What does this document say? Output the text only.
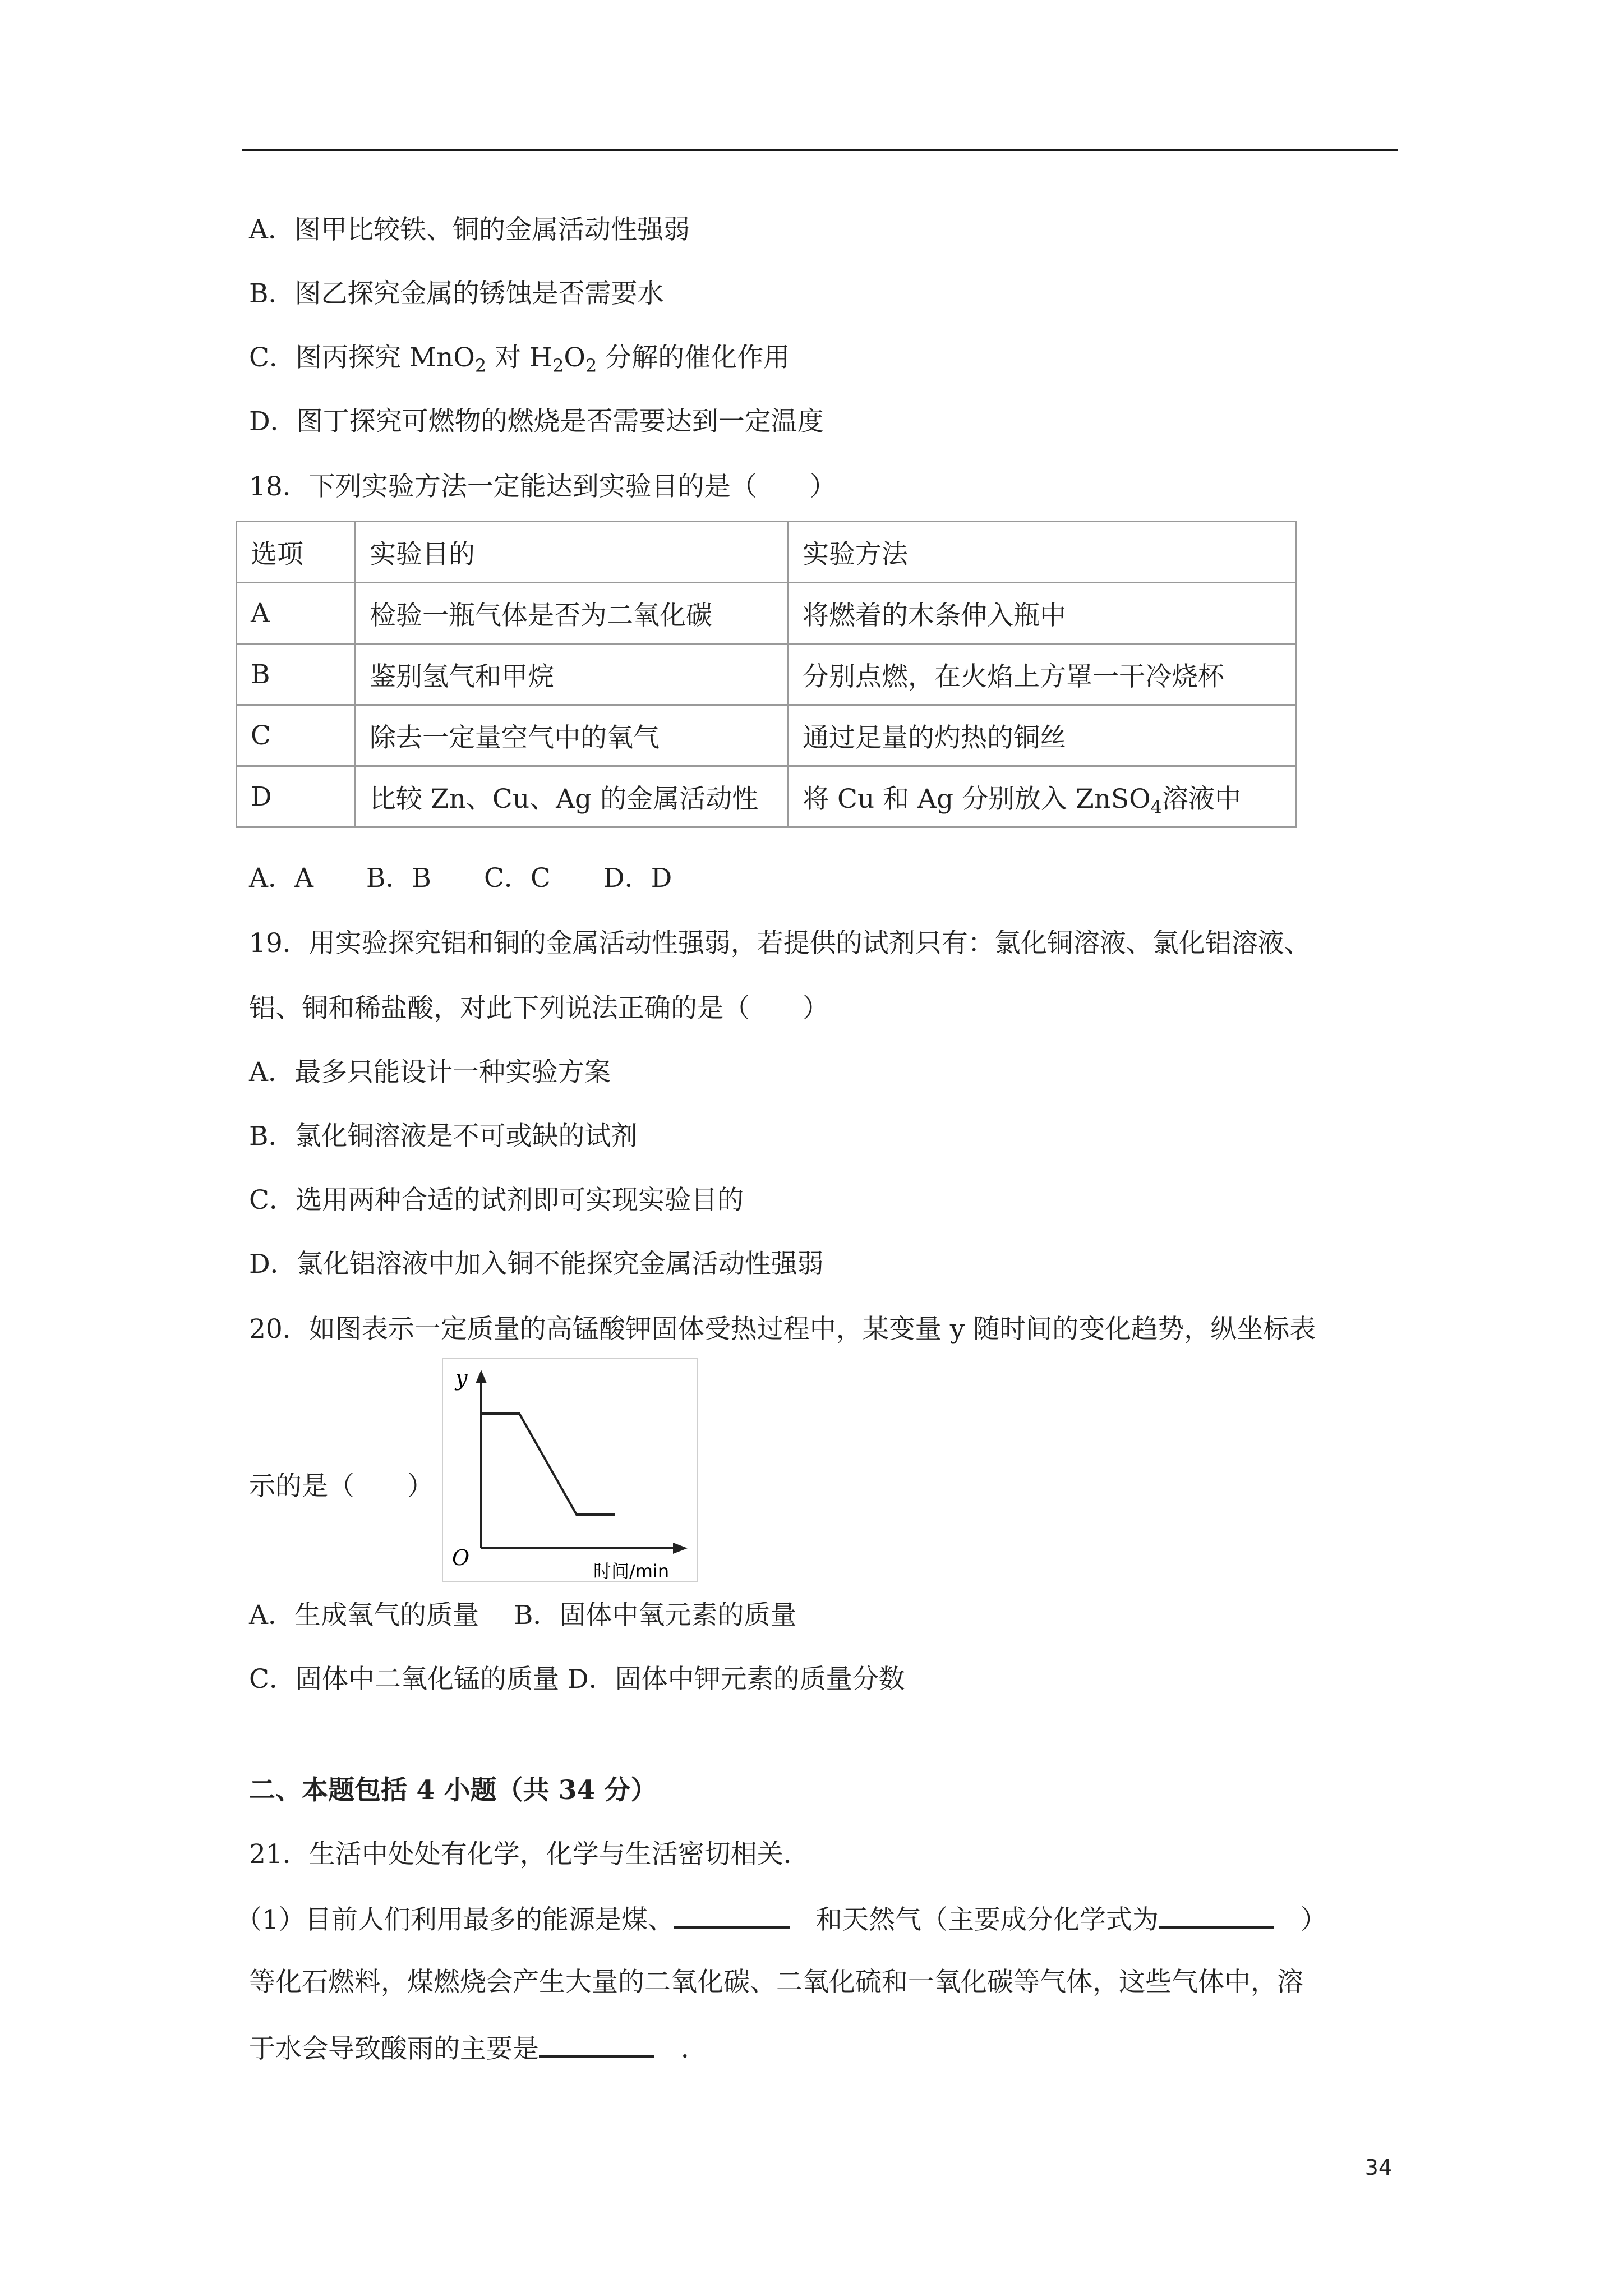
A．图甲比较铁、铜的金属活动性强弱
B．图乙探究金属的锈蚀是否需要水
C．图丙探究 MnO$_2$ 对 $H_2O_2$ 分解的催化作用
D．图丁探究可燃物的燃烧是否需要达到一定温度
18．下列实验方法一定能达到实验目的是（　　）
选项	实验目的	实验方法
A	检验一瓶气体是否为二氧化碳	将燃着的木条伸入瓶中
B	鉴别氢气和甲烷	分别点燃，在火焰上方罩一干冷烧杯
C	除去一定量空气中的氧气	通过足量的灼热的铜丝
D	比较 Zn、Cu、Ag 的金属活动性	将 Cu 和 Ag 分别放入 ZnSO$_4$溶液中
A．A　　B．B　　C．C　　D．D
19．用实验探究铝和铜的金属活动性强弱，若提供的试剂只有：氯化铜溶液、氯化铝溶液、
铝、铜和稀盐酸，对此下列说法正确的是（　　）
A．最多只能设计一种实验方案
B．氯化铜溶液是不可或缺的试剂
C．选用两种合适的试剂即可实现实验目的
D．氯化铝溶液中加入铜不能探究金属活动性强弱
20．如图表示一定质量的高锰酸钾固体受热过程中，某变量 y 随时间的变化趋势，纵坐标表
示的是（　　）
y
O
时间/min
A．生成氧气的质量　 B．固体中氧元素的质量
C．固体中二氧化锰的质量 D．固体中钾元素的质量分数
二、本题包括 4 小题（共 34 分）
21．生活中处处有化学，化学与生活密切相关．
（1）目前人们利用最多的能源是煤、	　和天然气（主要成分化学式为	　）
等化石燃料，煤燃烧会产生大量的二氧化碳、二氧化硫和一氧化碳等气体，这些气体中，溶
于水会导致酸雨的主要是	　．
34
